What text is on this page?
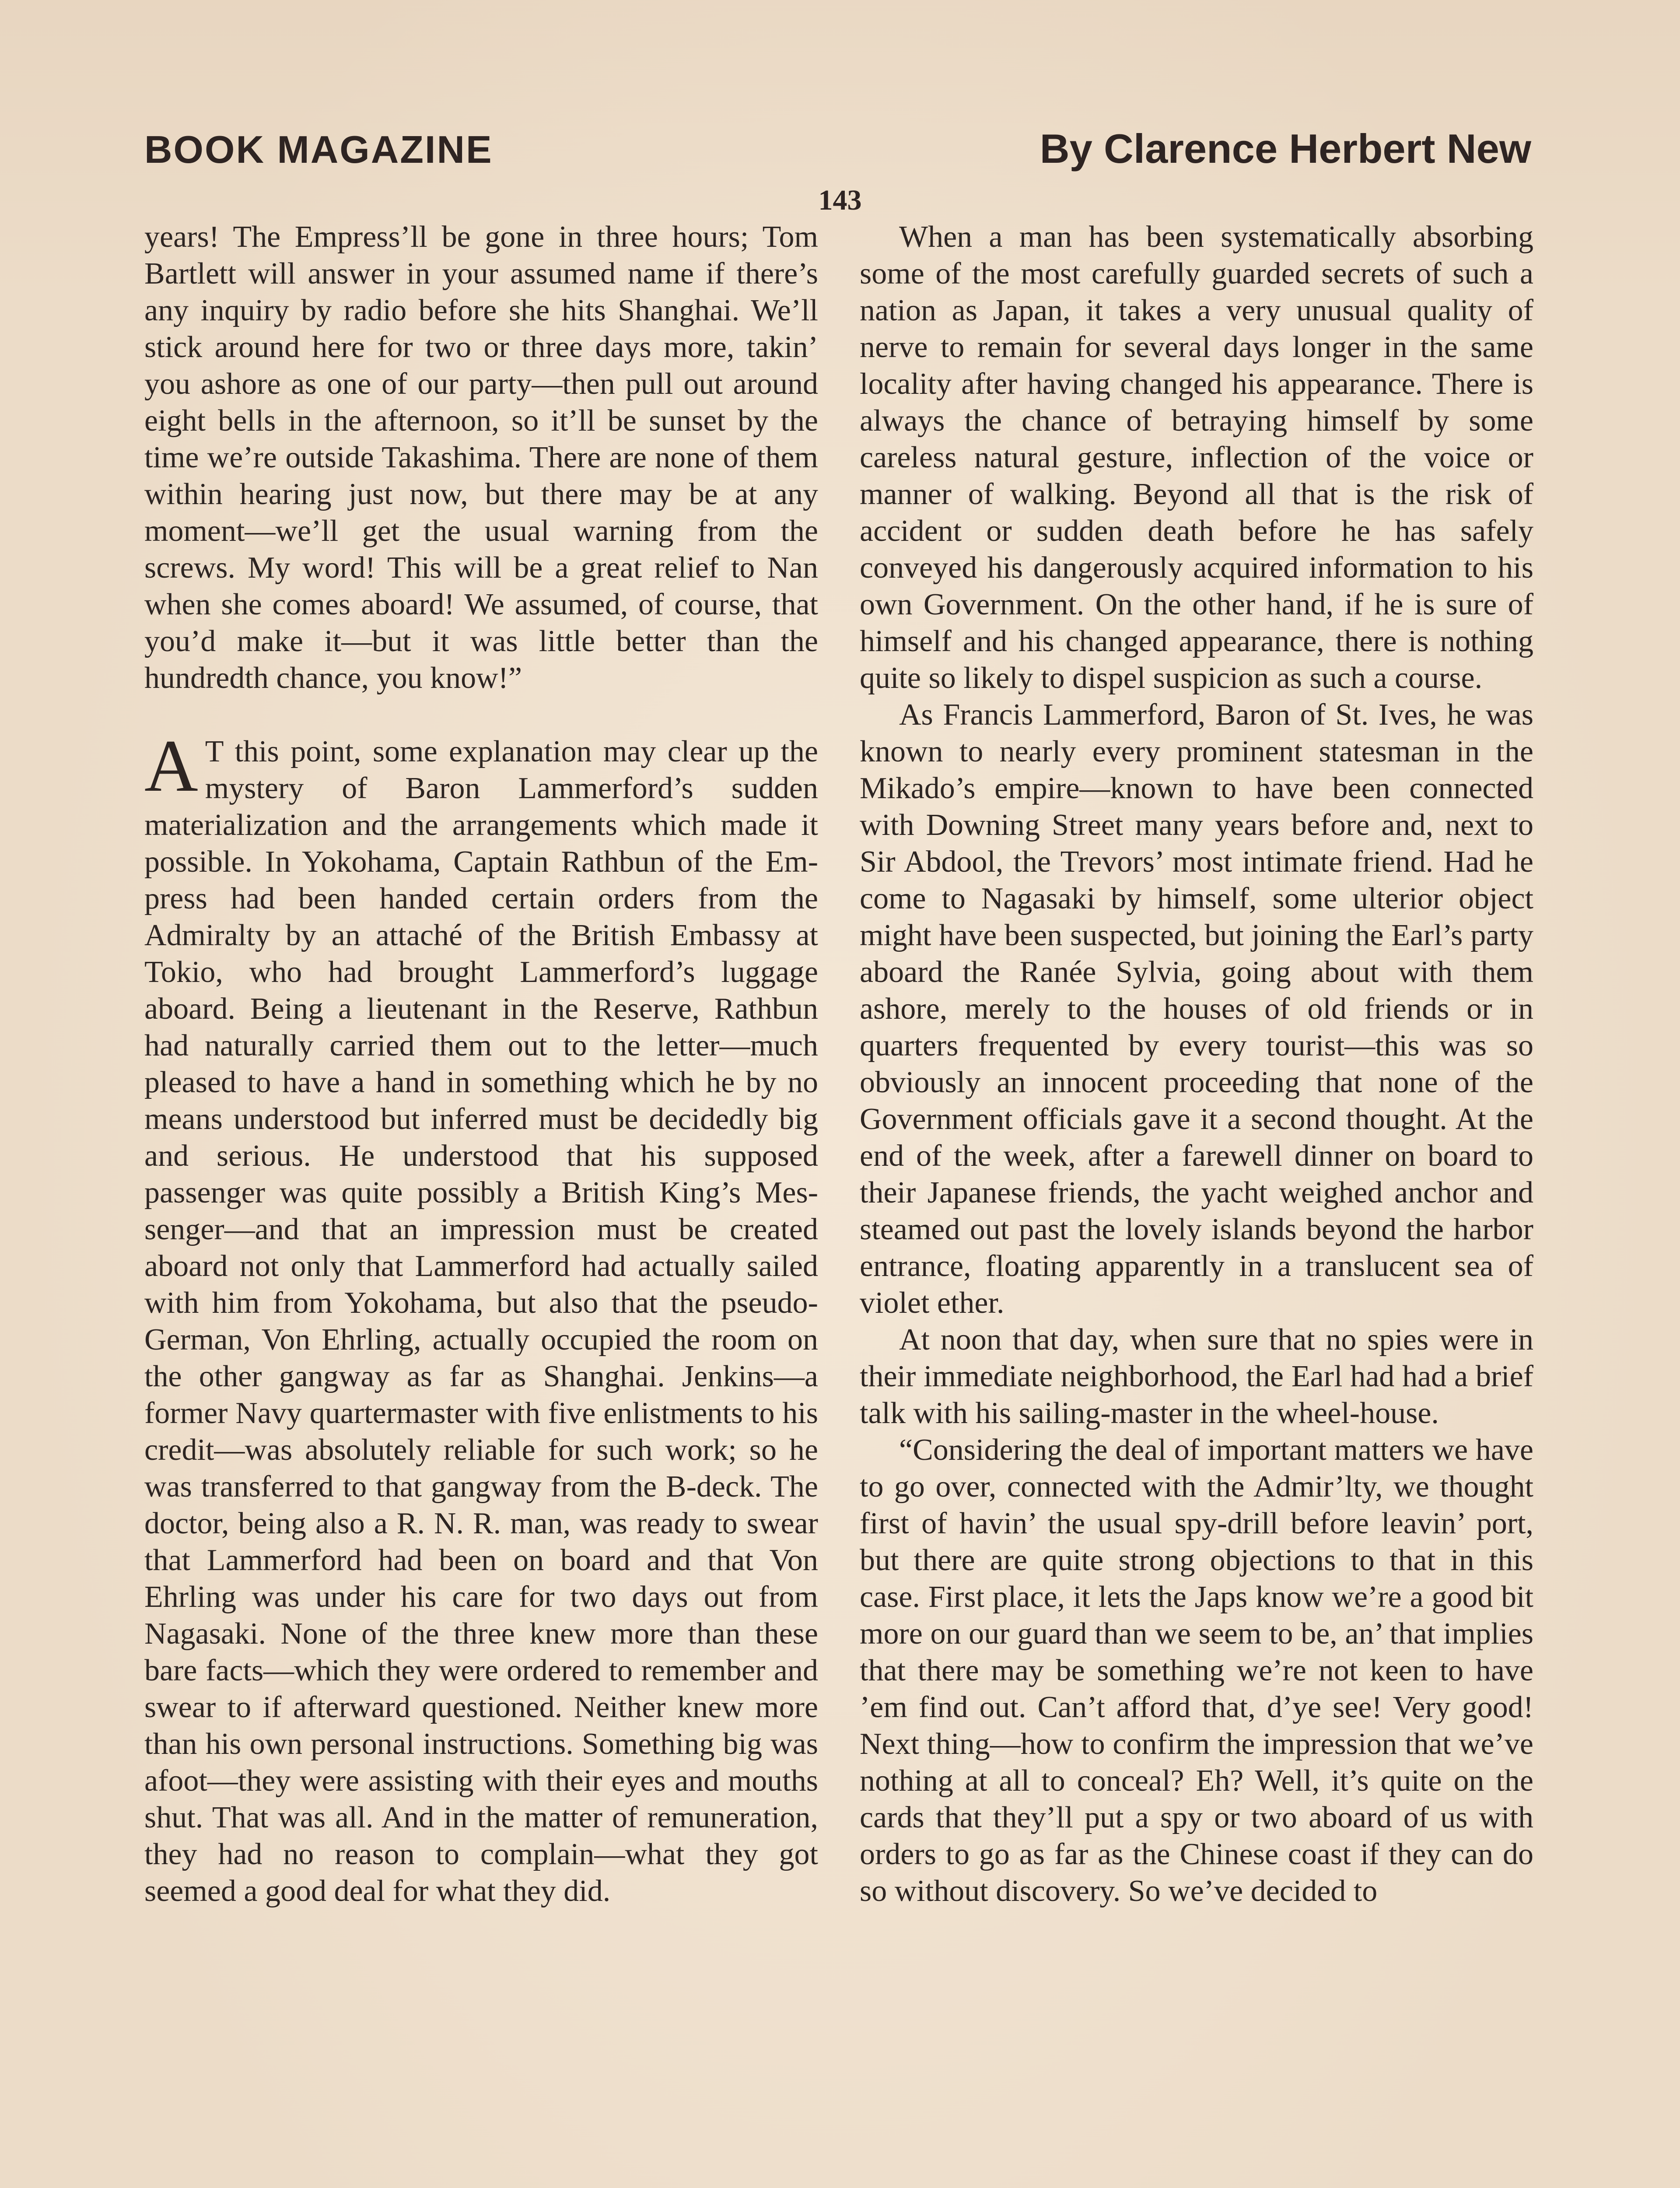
BOOK MAGAZINE	By Clarence Herbert New
143

years! The Empress’ll be gone in three hours; Tom Bartlett will answer in your assumed name if there’s any inquiry by radio before she hits Shanghai. We’ll stick around here for two or three days more, takin’ you ashore as one of our party—then pull out around eight bells in the afternoon, so it’ll be sunset by the time we’re outside Takashima. There are none of them within hearing just now, but there may be at any moment—we’ll get the usual warning from the screws. My word! This will be a great relief to Nan when she comes aboard! We assumed, of course, that you’d make it—but it was little better than the hundredth chance, you know!”

A T this point, some explanation may clear up the mystery of Baron Lammerford’s sudden materialization and the arrangements which made it possible. In Yokohama, Captain Rathbun of the Empress had been handed certain orders from the Admiralty by an attaché of the British Embassy at Tokio, who had brought Lammerford’s luggage aboard. Being a lieutenant in the Reserve, Rathbun had naturally carried them out to the letter—much pleased to have a hand in something which he by no means understood but inferred must be decidedly big and serious. He understood that his supposed passenger was quite possibly a British King’s Messenger—and that an impression must be created aboard not only that Lammerford had actually sailed with him from Yokohama, but also that the pseudo-German, Von Ehrling, actually occupied the room on the other gangway as far as Shanghai. Jenkins—a former Navy quartermaster with five enlistments to his credit—was absolutely reliable for such work; so he was transferred to that gangway from the B-deck. The doctor, being also a R. N. R. man, was ready to swear that Lammerford had been on board and that Von Ehrling was under his care for two days out from Nagasaki. None of the three knew more than these bare facts—which they were ordered to remember and swear to if afterward questioned. Neither knew more than his own personal instructions. Something big was afoot—they were assisting with their eyes and mouths shut. That was all. And in the matter of remuneration, they had no reason to complain—what they got seemed a good deal for what they did.

When a man has been systematically absorbing some of the most carefully guarded secrets of such a nation as Japan, it takes a very unusual quality of nerve to remain for several days longer in the same locality after having changed his appearance. There is always the chance of betraying himself by some careless natural gesture, inflection of the voice or manner of walking. Beyond all that is the risk of accident or sudden death before he has safely conveyed his dangerously acquired information to his own Government. On the other hand, if he is sure of himself and his changed appearance, there is nothing quite so likely to dispel suspicion as such a course.

As Francis Lammerford, Baron of St. Ives, he was known to nearly every prominent statesman in the Mikado’s empire—known to have been connected with Downing Street many years before and, next to Sir Abdool, the Trevors’ most intimate friend. Had he come to Nagasaki by himself, some ulterior object might have been suspected, but joining the Earl’s party aboard the Ranée Sylvia, going about with them ashore, merely to the houses of old friends or in quarters frequented by every tourist—this was so obviously an innocent proceeding that none of the Government officials gave it a second thought. At the end of the week, after a farewell dinner on board to their Japanese friends, the yacht weighed anchor and steamed out past the lovely islands beyond the harbor entrance, floating apparently in a translucent sea of violet ether.

At noon that day, when sure that no spies were in their immediate neighborhood, the Earl had had a brief talk with his sailing-master in the wheel-house.

“Considering the deal of important matters we have to go over, connected with the Admir’lty, we thought first of havin’ the usual spy-drill before leavin’ port, but there are quite strong objections to that in this case. First place, it lets the Japs know we’re a good bit more on our guard than we seem to be, an’ that implies that there may be something we’re not keen to have ’em find out. Can’t afford that, d’ye see! Very good! Next thing—how to confirm the impression that we’ve nothing at all to conceal? Eh? Well, it’s quite on the cards that they’ll put a spy or two aboard of us with orders to go as far as the Chinese coast if they can do so without discovery. So we’ve decided to
